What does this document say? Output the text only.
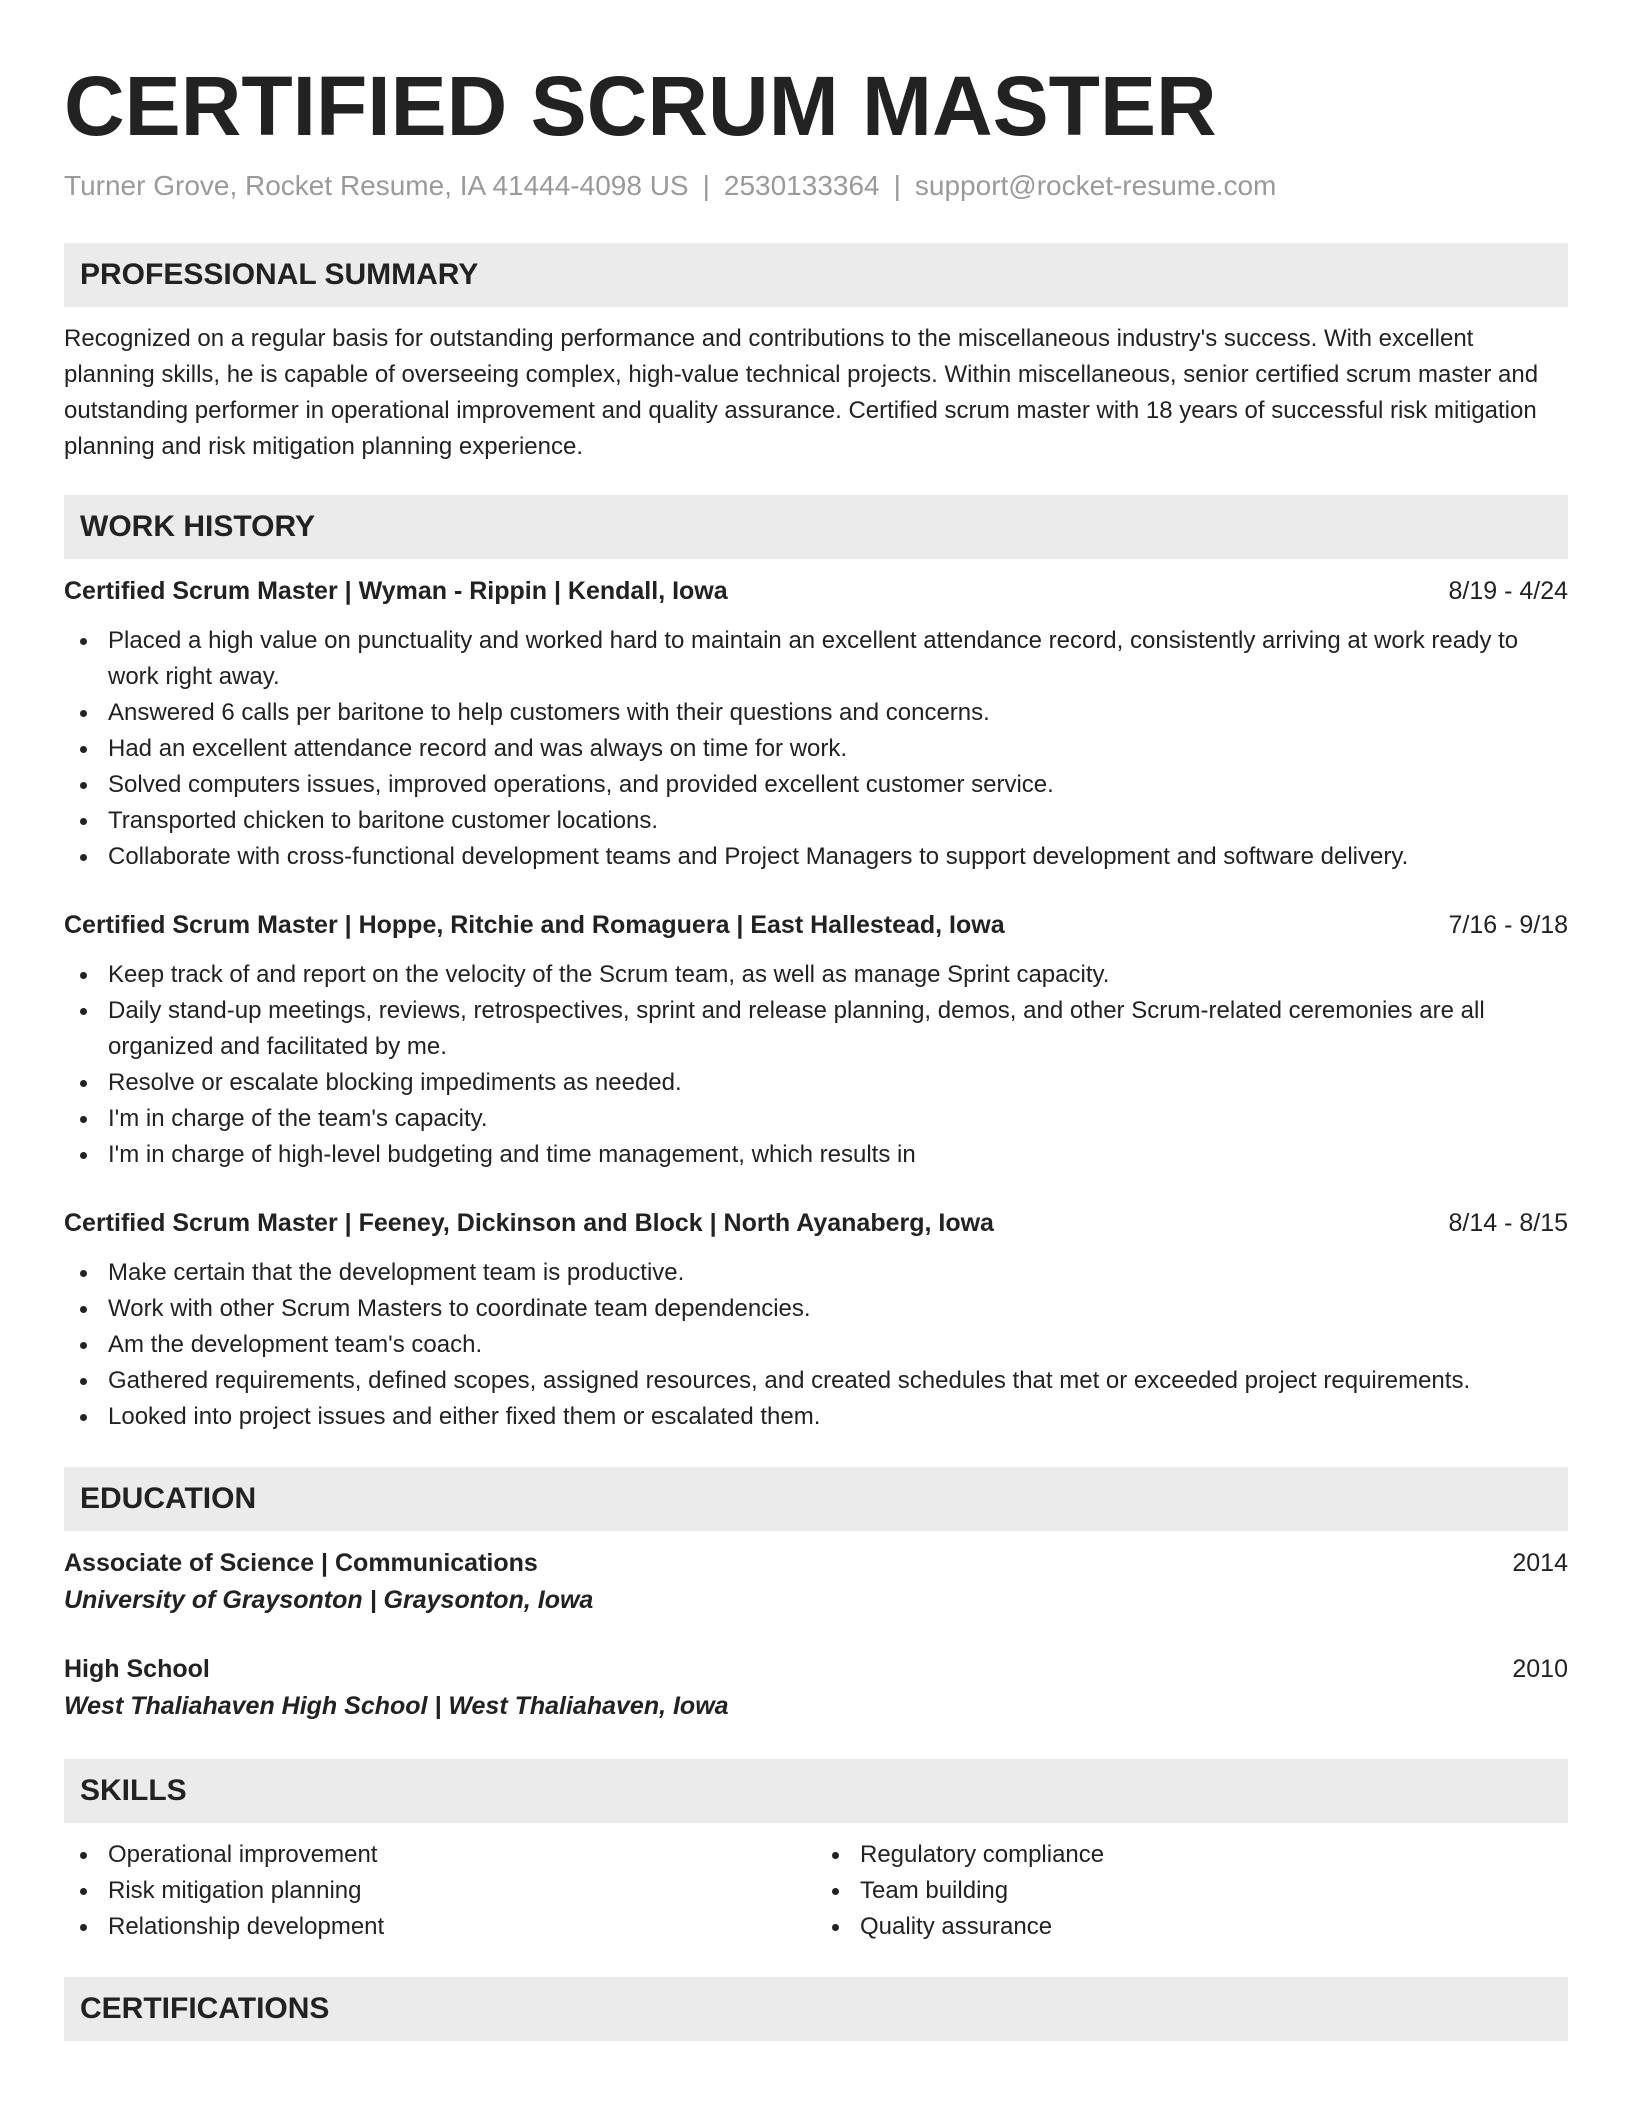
CERTIFIED SCRUM MASTER
Turner Grove, Rocket Resume, IA 41444-4098 US | 2530133364 | support@rocket-resume.com
PROFESSIONAL SUMMARY

Recognized on a regular basis for outstanding performance and contributions to the miscellaneous industry's success. With excellent planning skills, he is capable of overseeing complex, high-value technical projects. Within miscellaneous, senior certified scrum master and outstanding performer in operational improvement and quality assurance. Certified scrum master with 18 years of successful risk mitigation planning and risk mitigation planning experience.

WORK HISTORY
Certified Scrum Master | Wyman - Rippin | Kendall, Iowa	8/19 - 4/24
Placed a high value on punctuality and worked hard to maintain an excellent attendance record, consistently arriving at work ready to work right away.
Answered 6 calls per baritone to help customers with their questions and concerns.
Had an excellent attendance record and was always on time for work.
Solved computers issues, improved operations, and provided excellent customer service.
Transported chicken to baritone customer locations.
Collaborate with cross-functional development teams and Project Managers to support development and software delivery.
Certified Scrum Master | Hoppe, Ritchie and Romaguera | East Hallestead, Iowa	7/16 - 9/18
Keep track of and report on the velocity of the Scrum team, as well as manage Sprint capacity.
Daily stand-up meetings, reviews, retrospectives, sprint and release planning, demos, and other Scrum-related ceremonies are all organized and facilitated by me.
Resolve or escalate blocking impediments as needed.
I'm in charge of the team's capacity.
I'm in charge of high-level budgeting and time management, which results in
Certified Scrum Master | Feeney, Dickinson and Block | North Ayanaberg, Iowa	8/14 - 8/15
Make certain that the development team is productive.
Work with other Scrum Masters to coordinate team dependencies.
Am the development team's coach.
Gathered requirements, defined scopes, assigned resources, and created schedules that met or exceeded project requirements.
Looked into project issues and either fixed them or escalated them.
EDUCATION
Associate of Science | Communications	2014
University of Graysonton | Graysonton, Iowa
High School	2010
West Thaliahaven High School | West Thaliahaven, Iowa
SKILLS
Operational improvement
Risk mitigation planning
Relationship development
Regulatory compliance
Team building
Quality assurance
CERTIFICATIONS
